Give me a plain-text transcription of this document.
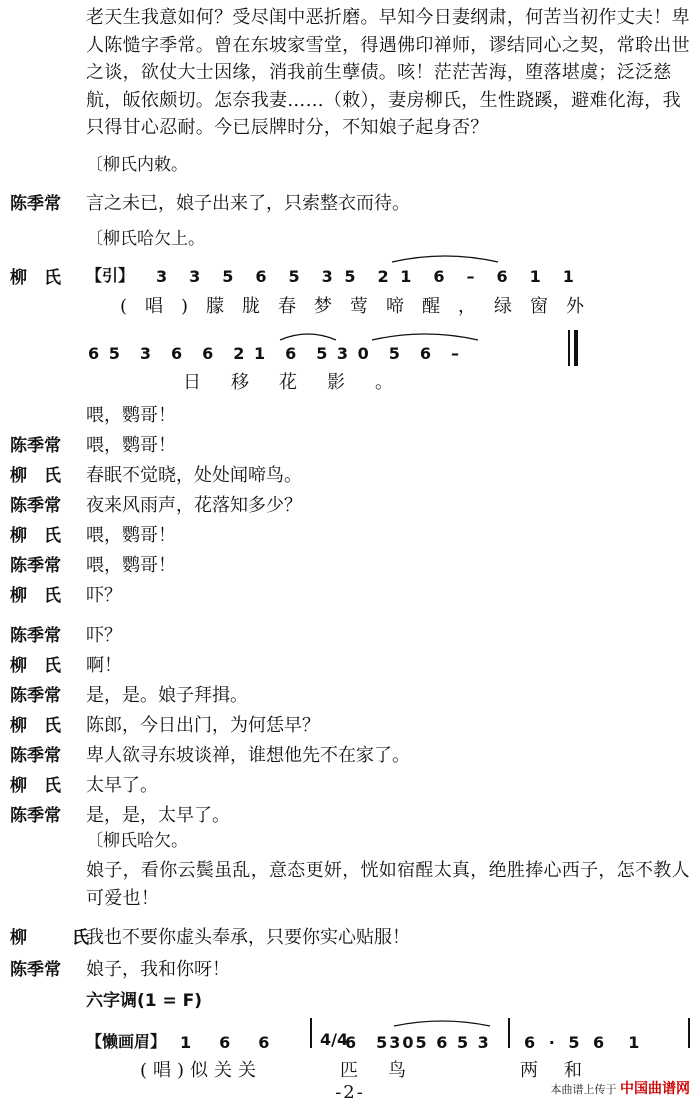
老天生我意如何？受尽闺中恶折磨。早知今日妻纲肃，何苦当初作丈夫！卑人陈慥字季常。曾在东坡家雪堂，得遇佛印禅师，谬结同心之契，常聆出世之谈，欲仗大士因缘，消我前生孽债。咳！茫茫苦海，堕落堪虞；泛泛慈航，皈依颇切。怎奈我妻……（敕），妻房柳氏，生性跷蹊，避难化海，我只得甘心忍耐。今已辰牌时分，不知娘子起身否？
〔柳氏内敕。
陈季常 言之未已，娘子出来了，只索整衣而待。
〔柳氏哈欠上。
柳　氏 【引】 3　3　5　6　5　3 5　2 1　6　–　6　1　1
(唱)朦胧春梦莺啼醒，绿窗外
6 5　3　6　6　2 1　6　5 3 0　5　6　–
日移花影。
喂，鹦哥！
陈季常 喂，鹦哥！
柳　氏 春眠不觉晓，处处闻啼鸟。
陈季常 夜来风雨声，花落知多少？
柳　氏 喂，鹦哥！
陈季常 喂，鹦哥！
柳　氏 吓？
陈季常 吓？
柳　氏 啊！
陈季常 是，是。娘子拜揖。
柳　氏 陈郎，今日出门，为何恁早？
陈季常 卑人欲寻东坡谈禅，谁想他先不在家了。
柳　氏 太早了。
陈季常 是，是，太早了。
〔柳氏哈欠。
娘子，看你云鬓虽乱，意态更妍，恍如宿酲太真，绝胜捧心西子，怎不教人可爱也！
柳　氏
我也不要你虚头奉承，只要你实心贴服！
陈季常 娘子，我和你呀！
六字调(1 = F)
【懒画眉】 1　6　6	4/4
6　5305 6 5 3 6 · 5 6　1
(唱)似关关	匹鸟	两　和
-2-	本曲谱上传于 中国曲谱网
